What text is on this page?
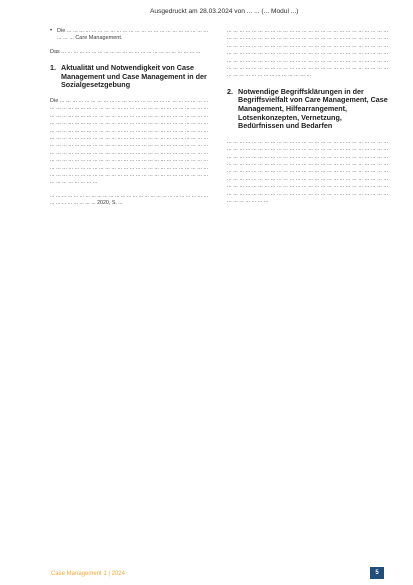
Ausgedruckt am 28.03.2024 von ... ... (... Modul ...)
• Die ... ... ... ... ... ... ... ... ... ... ... ... ... ... ... ... ... ... ... ... ... ... ... ... ... ... Care Management.

Das ... ... ... ... ... ... ... ... ... ... ... ... ... ... ... ... ... ... ... ... ... ... ...

1. Aktualität und Notwendigkeit von Case Management und Case Management in der Sozialgesetzgebung

Die ... ... ... ... ... ... ... ... ... ... ... ... ... ... ... ... ... ... ... ... ... ... ... ... ... ... ... ... ... ... ... ... ... ... ... ... ... ... ... ... ... ... ... ... ... ... ... ... ... ... ... ... ... ... ... ... ... ... ... ... ... ... ... ... ... ... ... ... ... ... ... ... ... ... ... ... ... ... ... ... ... ... ... ... ... ... ... ... ... ... ... ... ... ... ... ... ... ... ... ... ... ... ... ... ... ... ... ... ... ... ... ... ... ... ... ... ... ... ... ... ... ... ... ... ... ... ... ... ... ... ... ... ... ... ... ... ... ... ... ... ... ... ... ... ... ... ... ... ... ... ... ... ... ... ... ... ... ... ... ... ... ... ... ... ... ... ... ... ... ... ... ... ... ... ... ... ... ... ... ... ... ... ... ... ... ... ... ... ... ... ... ... ... ... ... ... ... ... ... ... ... ... ... ... ... ... ... ... ... ... ... ... ... ... ... ... ... ... ... ... ... ... ... ... ... ... ... ... ... ... ... ... ... ... ... ... ... ... ... ... ... ... ... ... ... ... ... ... ... ... ... ... ... ... ... ... ... ... ... ... ... ... ... ... ... ... ... ... ... ... ... ... ... ... ... ... ... ... ... ... ... ... ... ... ... ... ... ... ... ... ... ...

... ... ... ... ... ... ... ... ... ... ... ... ... ... ... ... ... ... ... ... ... ... ... ... ... ... ... ... ... ... ... ... ... ... ... 2020, S. ...

... ... ... ... ... ... ... ... ... ... ... ... ... ... ... ... ... ... ... ... ... ... ... ... ... ... ... ... ... ... ... ... ... ... ... ... ... ... ... ... ... ... ... ... ... ... ... ... ... ... ... ... ... ... ... ... ... ... ... ... ... ... ... ... ... ... ... ... ... ... ... ... ... ... ... ... ... ... ... ... ... ... ... ... ... ... ... ... ... ... ... ... ... ... ... ... ... ... ... ... ... ... ... ... ... ... ... ... ... ... ... ... ... ... ... ... ... ... ... ... ... ... ... ... ... ... ... ... ... ... ... ... ... ... ... ... ... ... ... ... ... ... ... ... ... ... ... ... ... ... ... ... ... ... ... ... ... ... ... ... ... ... ... ... ... ... ... ... ... ...

2. Notwendige Begriffsklärungen in der Begriffsvielfalt von Care Management, Case Management, Hilfearrangement, Lotsenkonzepten, Vernetzung, Bedürfnissen und Bedarfen

... ... ... ... ... ... ... ... ... ... ... ... ... ... ... ... ... ... ... ... ... ... ... ... ... ... ... ... ... ... ... ... ... ... ... ... ... ... ... ... ... ... ... ... ... ... ... ... ... ... ... ... ... ... ... ... ... ... ... ... ... ... ... ... ... ... ... ... ... ... ... ... ... ... ... ... ... ... ... ... ... ... ... ... ... ... ... ... ... ... ... ... ... ... ... ... ... ... ... ... ... ... ... ... ... ... ... ... ... ... ... ... ... ... ... ... ... ... ... ... ... ... ... ... ... ... ... ... ... ... ... ... ... ... ... ... ... ... ... ... ... ... ... ... ... ... ... ... ... ... ... ... ... ... ... ... ... ... ... ... ... ... ... ... ... ... ... ... ... ... ... ... ... ... ... ... ... ... ... ... ... ... ... ... ... ... ... ... ... ... ... ... ... ... ... ... ... ... ... ... ... ... ... ... ... ... ... ... ... ... ... ... ... ... ...

Case Management 1 | 2024	5
